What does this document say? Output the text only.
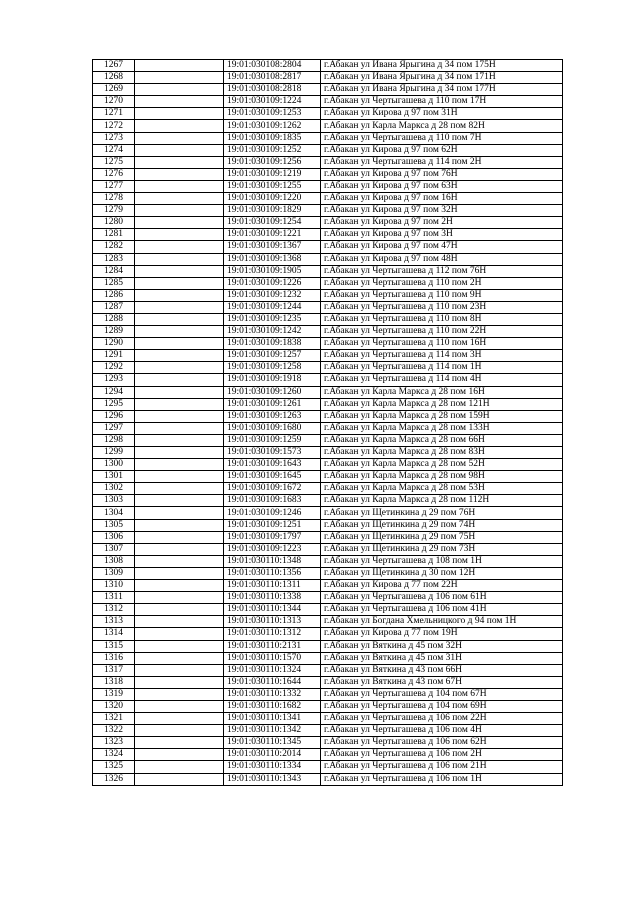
1267		19:01:030108:2804	г.Абакан ул Ивана Ярыгина д 34 пом 175Н
1268		19:01:030108:2817	г.Абакан ул Ивана Ярыгина д 34 пом 171Н
1269		19:01:030108:2818	г.Абакан ул Ивана Ярыгина д 34 пом 177Н
1270		19:01:030109:1224	г.Абакан ул Чертыгашева д 110 пом 17Н
1271		19:01:030109:1253	г.Абакан ул Кирова д 97 пом 31Н
1272		19:01:030109:1262	г.Абакан ул Карла Маркса д 28 пом 82Н
1273		19:01:030109:1835	г.Абакан ул Чертыгашева д 110 пом 7Н
1274		19:01:030109:1252	г.Абакан ул Кирова д 97 пом 62Н
1275		19:01:030109:1256	г.Абакан ул Чертыгашева д 114 пом 2Н
1276		19:01:030109:1219	г.Абакан ул Кирова д 97 пом 76Н
1277		19:01:030109:1255	г.Абакан ул Кирова д 97 пом 63Н
1278		19:01:030109:1220	г.Абакан ул Кирова д 97 пом 16Н
1279		19:01:030109:1829	г.Абакан ул Кирова д 97 пом 32Н
1280		19:01:030109:1254	г.Абакан ул Кирова д 97 пом 2Н
1281		19:01:030109:1221	г.Абакан ул Кирова д 97 пом 3Н
1282		19:01:030109:1367	г.Абакан ул Кирова д 97 пом 47Н
1283		19:01:030109:1368	г.Абакан ул Кирова д 97 пом 48Н
1284		19:01:030109:1905	г.Абакан ул Чертыгашева д 112 пом 76Н
1285		19:01:030109:1226	г.Абакан ул Чертыгашева д 110 пом 2Н
1286		19:01:030109:1232	г.Абакан ул Чертыгашева д 110 пом 9Н
1287		19:01:030109:1244	г.Абакан ул Чертыгашева д 110 пом 23Н
1288		19:01:030109:1235	г.Абакан ул Чертыгашева д 110 пом 8Н
1289		19:01:030109:1242	г.Абакан ул Чертыгашева д 110 пом 22Н
1290		19:01:030109:1838	г.Абакан ул Чертыгашева д 110 пом 16Н
1291		19:01:030109:1257	г.Абакан ул Чертыгашева д 114 пом 3Н
1292		19:01:030109:1258	г.Абакан ул Чертыгашева д 114 пом 1Н
1293		19:01:030109:1918	г.Абакан ул Чертыгашева д 114 пом 4Н
1294		19:01:030109:1260	г.Абакан ул Карла Маркса д 28 пом 16Н
1295		19:01:030109:1261	г.Абакан ул Карла Маркса д 28 пом 121Н
1296		19:01:030109:1263	г.Абакан ул Карла Маркса д 28 пом 159Н
1297		19:01:030109:1680	г.Абакан ул Карла Маркса д 28 пом 133Н
1298		19:01:030109:1259	г.Абакан ул Карла Маркса д 28 пом 66Н
1299		19:01:030109:1573	г.Абакан ул Карла Маркса д 28 пом 83Н
1300		19:01:030109:1643	г.Абакан ул Карла Маркса д 28 пом 52Н
1301		19:01:030109:1645	г.Абакан ул Карла Маркса д 28 пом 98Н
1302		19:01:030109:1672	г.Абакан ул Карла Маркса д 28 пом 53Н
1303		19:01:030109:1683	г.Абакан ул Карла Маркса д 28 пом 112Н
1304		19:01:030109:1246	г.Абакан ул Щетинкина д 29 пом 76Н
1305		19:01:030109:1251	г.Абакан ул Щетинкина д 29 пом 74Н
1306		19:01:030109:1797	г.Абакан ул Щетинкина д 29 пом 75Н
1307		19:01:030109:1223	г.Абакан ул Щетинкина д 29 пом 73Н
1308		19:01:030110:1348	г.Абакан ул Чертыгашева д 108 пом 1Н
1309		19:01:030110:1356	г.Абакан ул Щетинкина д 30 пом 12Н
1310		19:01:030110:1311	г.Абакан ул Кирова д 77 пом 22Н
1311		19:01:030110:1338	г.Абакан ул Чертыгашева д 106 пом 61Н
1312		19:01:030110:1344	г.Абакан ул Чертыгашева д 106 пом 41Н
1313		19:01:030110:1313	г.Абакан ул Богдана Хмельницкого д 94 пом 1Н
1314		19:01:030110:1312	г.Абакан ул Кирова д 77 пом 19Н
1315		19:01:030110:2131	г.Абакан ул Вяткина д 45 пом 32Н
1316		19:01:030110:1570	г.Абакан ул Вяткина д 45 пом 31Н
1317		19:01:030110:1324	г.Абакан ул Вяткина д 43 пом 66Н
1318		19:01:030110:1644	г.Абакан ул Вяткина д 43 пом 67Н
1319		19:01:030110:1332	г.Абакан ул Чертыгашева д 104 пом 67Н
1320		19:01:030110:1682	г.Абакан ул Чертыгашева д 104 пом 69Н
1321		19:01:030110:1341	г.Абакан ул Чертыгашева д 106 пом 22Н
1322		19:01:030110:1342	г.Абакан ул Чертыгашева д 106 пом 4Н
1323		19:01:030110:1345	г.Абакан ул Чертыгашева д 106 пом 62Н
1324		19:01:030110:2014	г.Абакан ул Чертыгашева д 106 пом 2Н
1325		19:01:030110:1334	г.Абакан ул Чертыгашева д 106 пом 21Н
1326		19:01:030110:1343	г.Абакан ул Чертыгашева д 106 пом 1Н
